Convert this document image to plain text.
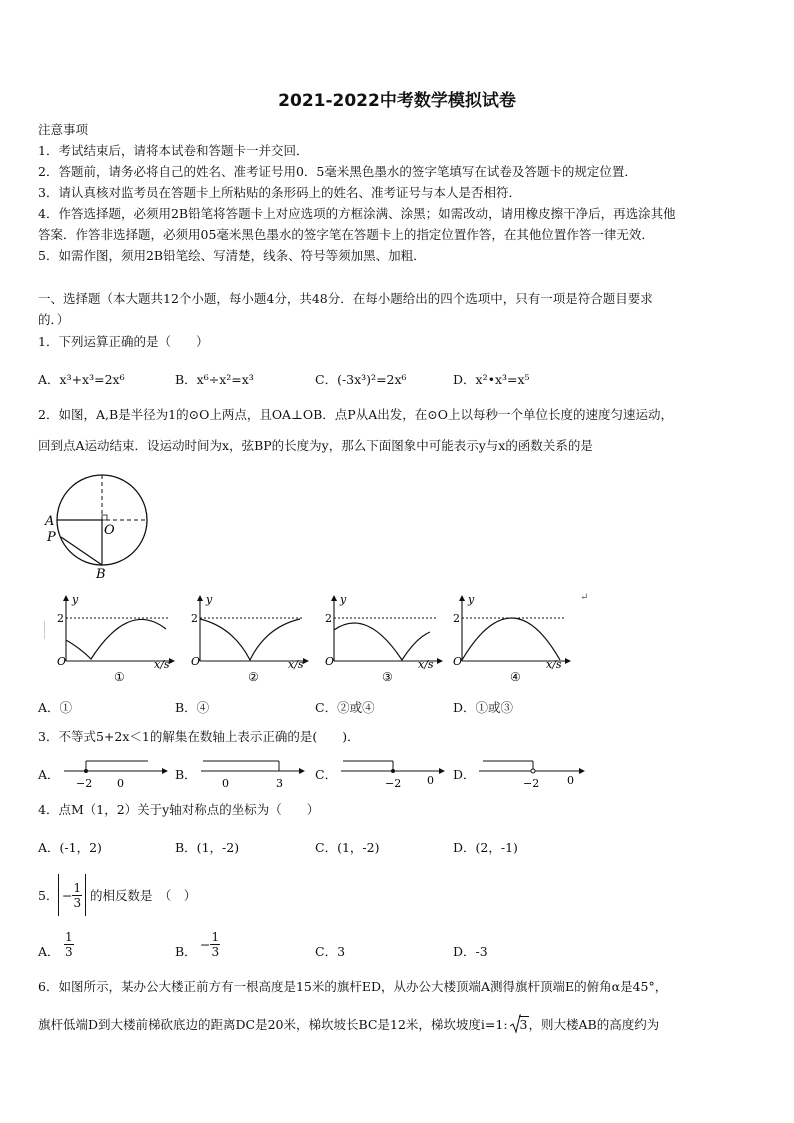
2021-2022中考数学模拟试卷
注意事项
1．考试结束后，请将本试卷和答题卡一并交回．
2．答题前，请务必将自己的姓名、准考证号用0．5毫米黑色墨水的签字笔填写在试卷及答题卡的规定位置．
3．请认真核对监考员在答题卡上所粘贴的条形码上的姓名、准考证号与本人是否相符．
4．作答选择题，必须用2B铅笔将答题卡上对应选项的方框涂满、涂黑；如需改动，请用橡皮擦干净后，再选涂其他
答案．作答非选择题，必须用05毫米黑色墨水的签字笔在答题卡上的指定位置作答，在其他位置作答一律无效．
5．如需作图，须用2B铅笔绘、写清楚，线条、符号等须加黑、加粗．
一、选择题（本大题共12个小题，每小题4分，共48分．在每小题给出的四个选项中，只有一项是符合题目要求
的．）
1．下列运算正确的是（　　）
A．x³+x³=2x⁶	B．x⁶÷x²=x³	C．(-3x³)²=2x⁶	D．x²•x³=x⁵
2．如图，A,B是半径为1的⊙O上两点，且OA⊥OB．点P从A出发，在⊙O上以每秒一个单位长度的速度匀速运动，
回到点A运动结束．设运动时间为x，弦BP的长度为y，那么下面图象中可能表示y与x的函数关系的是
A
O
P
B
y
2
O	x/s
①
y
2
O	x/s
②
y
2
O	x/s
③
y
2
O	x/s
④
↵
A．①	B．④	C．②或④	D．①或③
3．不等式5+2x＜1的解集在数轴上表示正确的是(　　)．
A．
−2 0
B．
0	3
C．
−2 0 D．
−2	0
4．点M（1，2）关于y轴对称点的坐标为（　　）
A．(-1，2)	B．(1，-2)	C．(1，-2)	D．(2，-1)
5． − $\frac{1}{3}$ 的相反数是　（　）
A． $\frac{1}{3}$	B． − $\frac{1}{3}$	C．3	D．-3
6．如图所示，某办公大楼正前方有一根高度是15米的旗杆ED，从办公大楼顶端A测得旗杆顶端E的俯角α是45°，
旗杆低端D到大楼前梯砍底边的距离DC是20米，梯坎坡长BC是12米，梯坎坡度i=1: 3，则大楼AB的高度约为
